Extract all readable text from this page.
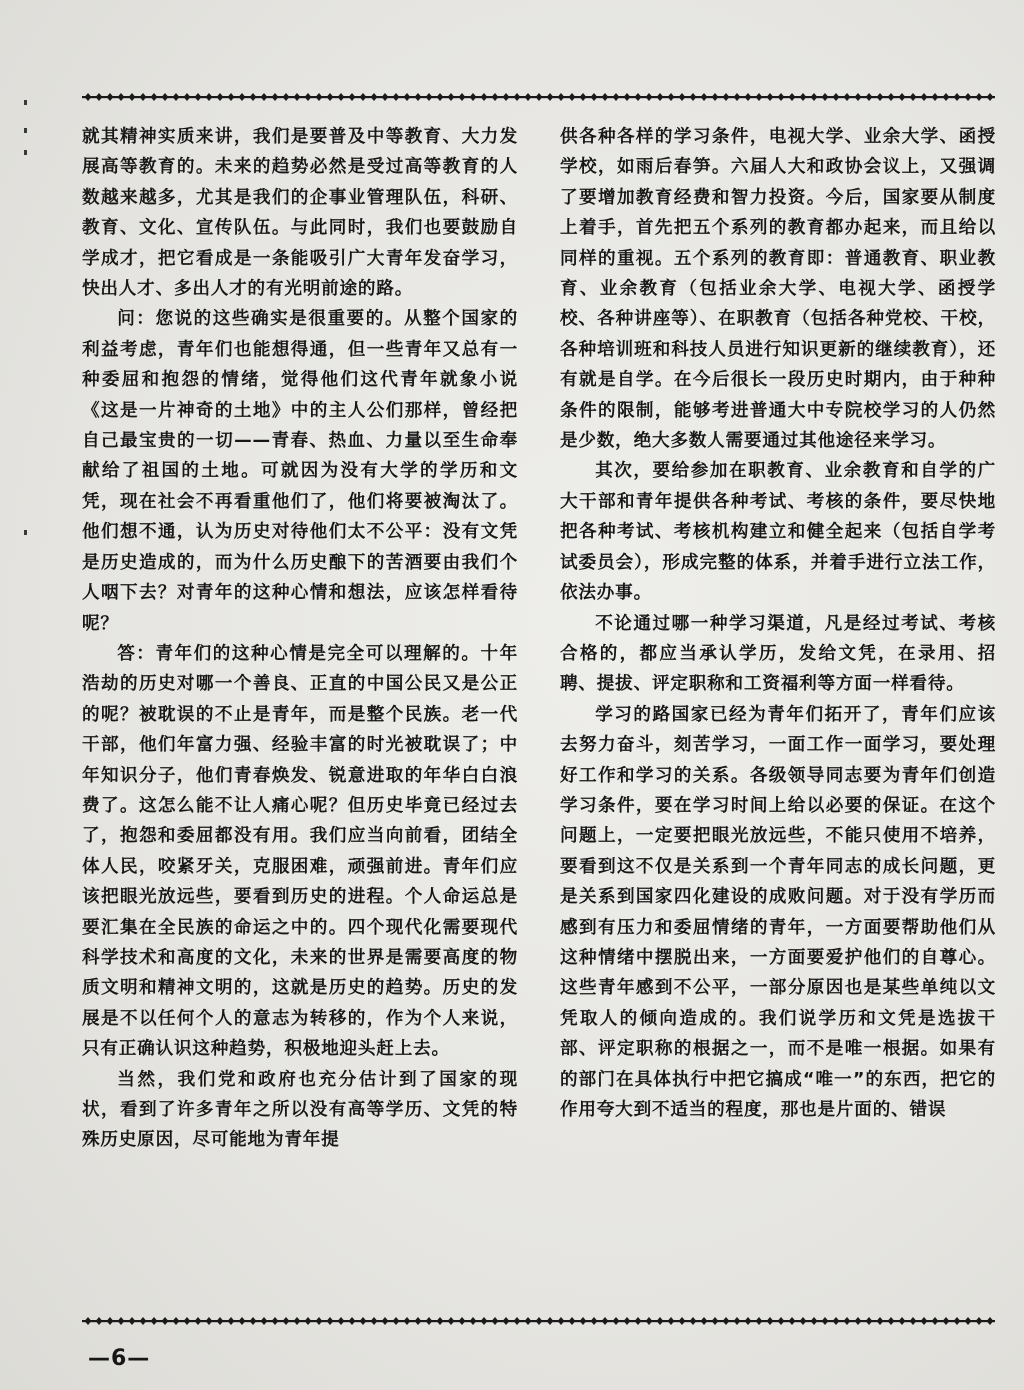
就其精神实质来讲，我们是要普及中等教育、大力发展高等教育的。未来的趋势必然是受过高等教育的人数越来越多，尤其是我们的企事业管理队伍，科研、教育、文化、宣传队伍。与此同时，我们也要鼓励自学成才，把它看成是一条能吸引广大青年发奋学习，快出人才、多出人才的有光明前途的路。

问：您说的这些确实是很重要的。从整个国家的利益考虑，青年们也能想得通，但一些青年又总有一种委屈和抱怨的情绪，觉得他们这代青年就象小说《这是一片神奇的土地》中的主人公们那样，曾经把自己最宝贵的一切——青春、热血、力量以至生命奉献给了祖国的土地。可就因为没有大学的学历和文凭，现在社会不再看重他们了，他们将要被淘汰了。他们想不通，认为历史对待他们太不公平：没有文凭是历史造成的，而为什么历史酿下的苦酒要由我们个人咽下去？对青年的这种心情和想法，应该怎样看待呢？

答：青年们的这种心情是完全可以理解的。十年浩劫的历史对哪一个善良、正直的中国公民又是公正的呢？被耽误的不止是青年，而是整个民族。老一代干部，他们年富力强、经验丰富的时光被耽误了；中年知识分子，他们青春焕发、锐意进取的年华白白浪费了。这怎么能不让人痛心呢？但历史毕竟已经过去了，抱怨和委屈都没有用。我们应当向前看，团结全体人民，咬紧牙关，克服困难，顽强前进。青年们应该把眼光放远些，要看到历史的进程。个人命运总是要汇集在全民族的命运之中的。四个现代化需要现代科学技术和高度的文化，未来的世界是需要高度的物质文明和精神文明的，这就是历史的趋势。历史的发展是不以任何个人的意志为转移的，作为个人来说，只有正确认识这种趋势，积极地迎头赶上去。

当然，我们党和政府也充分估计到了国家的现状，看到了许多青年之所以没有高等学历、文凭的特殊历史原因，尽可能地为青年提

供各种各样的学习条件，电视大学、业余大学、函授学校，如雨后春笋。六届人大和政协会议上，又强调了要增加教育经费和智力投资。今后，国家要从制度上着手，首先把五个系列的教育都办起来，而且给以同样的重视。五个系列的教育即：普通教育、职业教育、业余教育（包括业余大学、电视大学、函授学校、各种讲座等）、在职教育（包括各种党校、干校，各种培训班和科技人员进行知识更新的继续教育），还有就是自学。在今后很长一段历史时期内，由于种种条件的限制，能够考进普通大中专院校学习的人仍然是少数，绝大多数人需要通过其他途径来学习。

其次，要给参加在职教育、业余教育和自学的广大干部和青年提供各种考试、考核的条件，要尽快地把各种考试、考核机构建立和健全起来（包括自学考试委员会），形成完整的体系，并着手进行立法工作，依法办事。

不论通过哪一种学习渠道，凡是经过考试、考核合格的，都应当承认学历，发给文凭，在录用、招聘、提拔、评定职称和工资福利等方面一样看待。

学习的路国家已经为青年们拓开了，青年们应该去努力奋斗，刻苦学习，一面工作一面学习，要处理好工作和学习的关系。各级领导同志要为青年们创造学习条件，要在学习时间上给以必要的保证。在这个问题上，一定要把眼光放远些，不能只使用不培养，要看到这不仅是关系到一个青年同志的成长问题，更是关系到国家四化建设的成败问题。对于没有学历而感到有压力和委屈情绪的青年，一方面要帮助他们从这种情绪中摆脱出来，一方面要爱护他们的自尊心。这些青年感到不公平，一部分原因也是某些单纯以文凭取人的倾向造成的。我们说学历和文凭是选拔干部、评定职称的根据之一，而不是唯一根据。如果有的部门在具体执行中把它搞成“唯一”的东西，把它的作用夸大到不适当的程度，那也是片面的、错误

—6—
